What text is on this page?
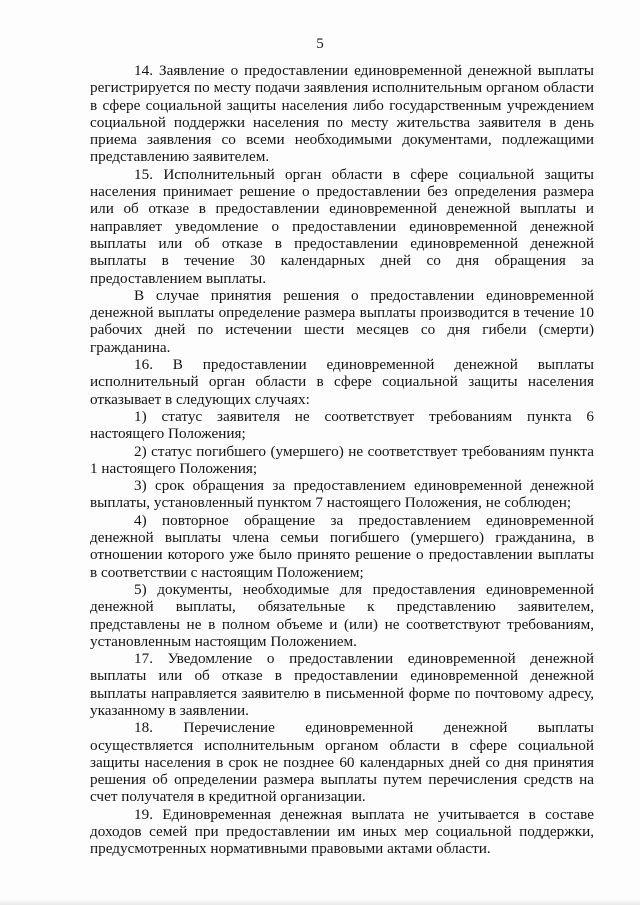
5

14. Заявление о предоставлении единовременной денежной выплаты регистрируется по месту подачи заявления исполнительным органом области в сфере социальной защиты населения либо государственным учреждением социальной поддержки населения по месту жительства заявителя в день приема заявления со всеми необходимыми документами, подлежащими представлению заявителем.

15. Исполнительный орган области в сфере социальной защиты населения принимает решение о предоставлении без определения размера или об отказе в предоставлении единовременной денежной выплаты и направляет уведомление о предоставлении единовременной денежной выплаты или об отказе в предоставлении единовременной денежной выплаты в течение 30 календарных дней со дня обращения за предоставлением выплаты.

В случае принятия решения о предоставлении единовременной денежной выплаты определение размера выплаты производится в течение 10 рабочих дней по истечении шести месяцев со дня гибели (смерти) гражданина.

16. В предоставлении единовременной денежной выплаты исполнительный орган области в сфере социальной защиты населения отказывает в следующих случаях:

1) статус заявителя не соответствует требованиям пункта 6 настоящего Положения;

2) статус погибшего (умершего) не соответствует требованиям пункта 1 настоящего Положения;

3) срок обращения за предоставлением единовременной денежной выплаты, установленный пунктом 7 настоящего Положения, не соблюден;

4) повторное обращение за предоставлением единовременной денежной выплаты члена семьи погибшего (умершего) гражданина, в отношении которого уже было принято решение о предоставлении выплаты в соответствии с настоящим Положением;

5) документы, необходимые для предоставления единовременной денежной выплаты, обязательные к представлению заявителем, представлены не в полном объеме и (или) не соответствуют требованиям, установленным настоящим Положением.

17. Уведомление о предоставлении единовременной денежной выплаты или об отказе в предоставлении единовременной денежной выплаты направляется заявителю в письменной форме по почтовому адресу, указанному в заявлении.

18. Перечисление единовременной денежной выплаты осуществляется исполнительным органом области в сфере социальной защиты населения в срок не позднее 60 календарных дней со дня принятия решения об определении размера выплаты путем перечисления средств на счет получателя в кредитной организации.

19. Единовременная денежная выплата не учитывается в составе доходов семей при предоставлении им иных мер социальной поддержки, предусмотренных нормативными правовыми актами области.
